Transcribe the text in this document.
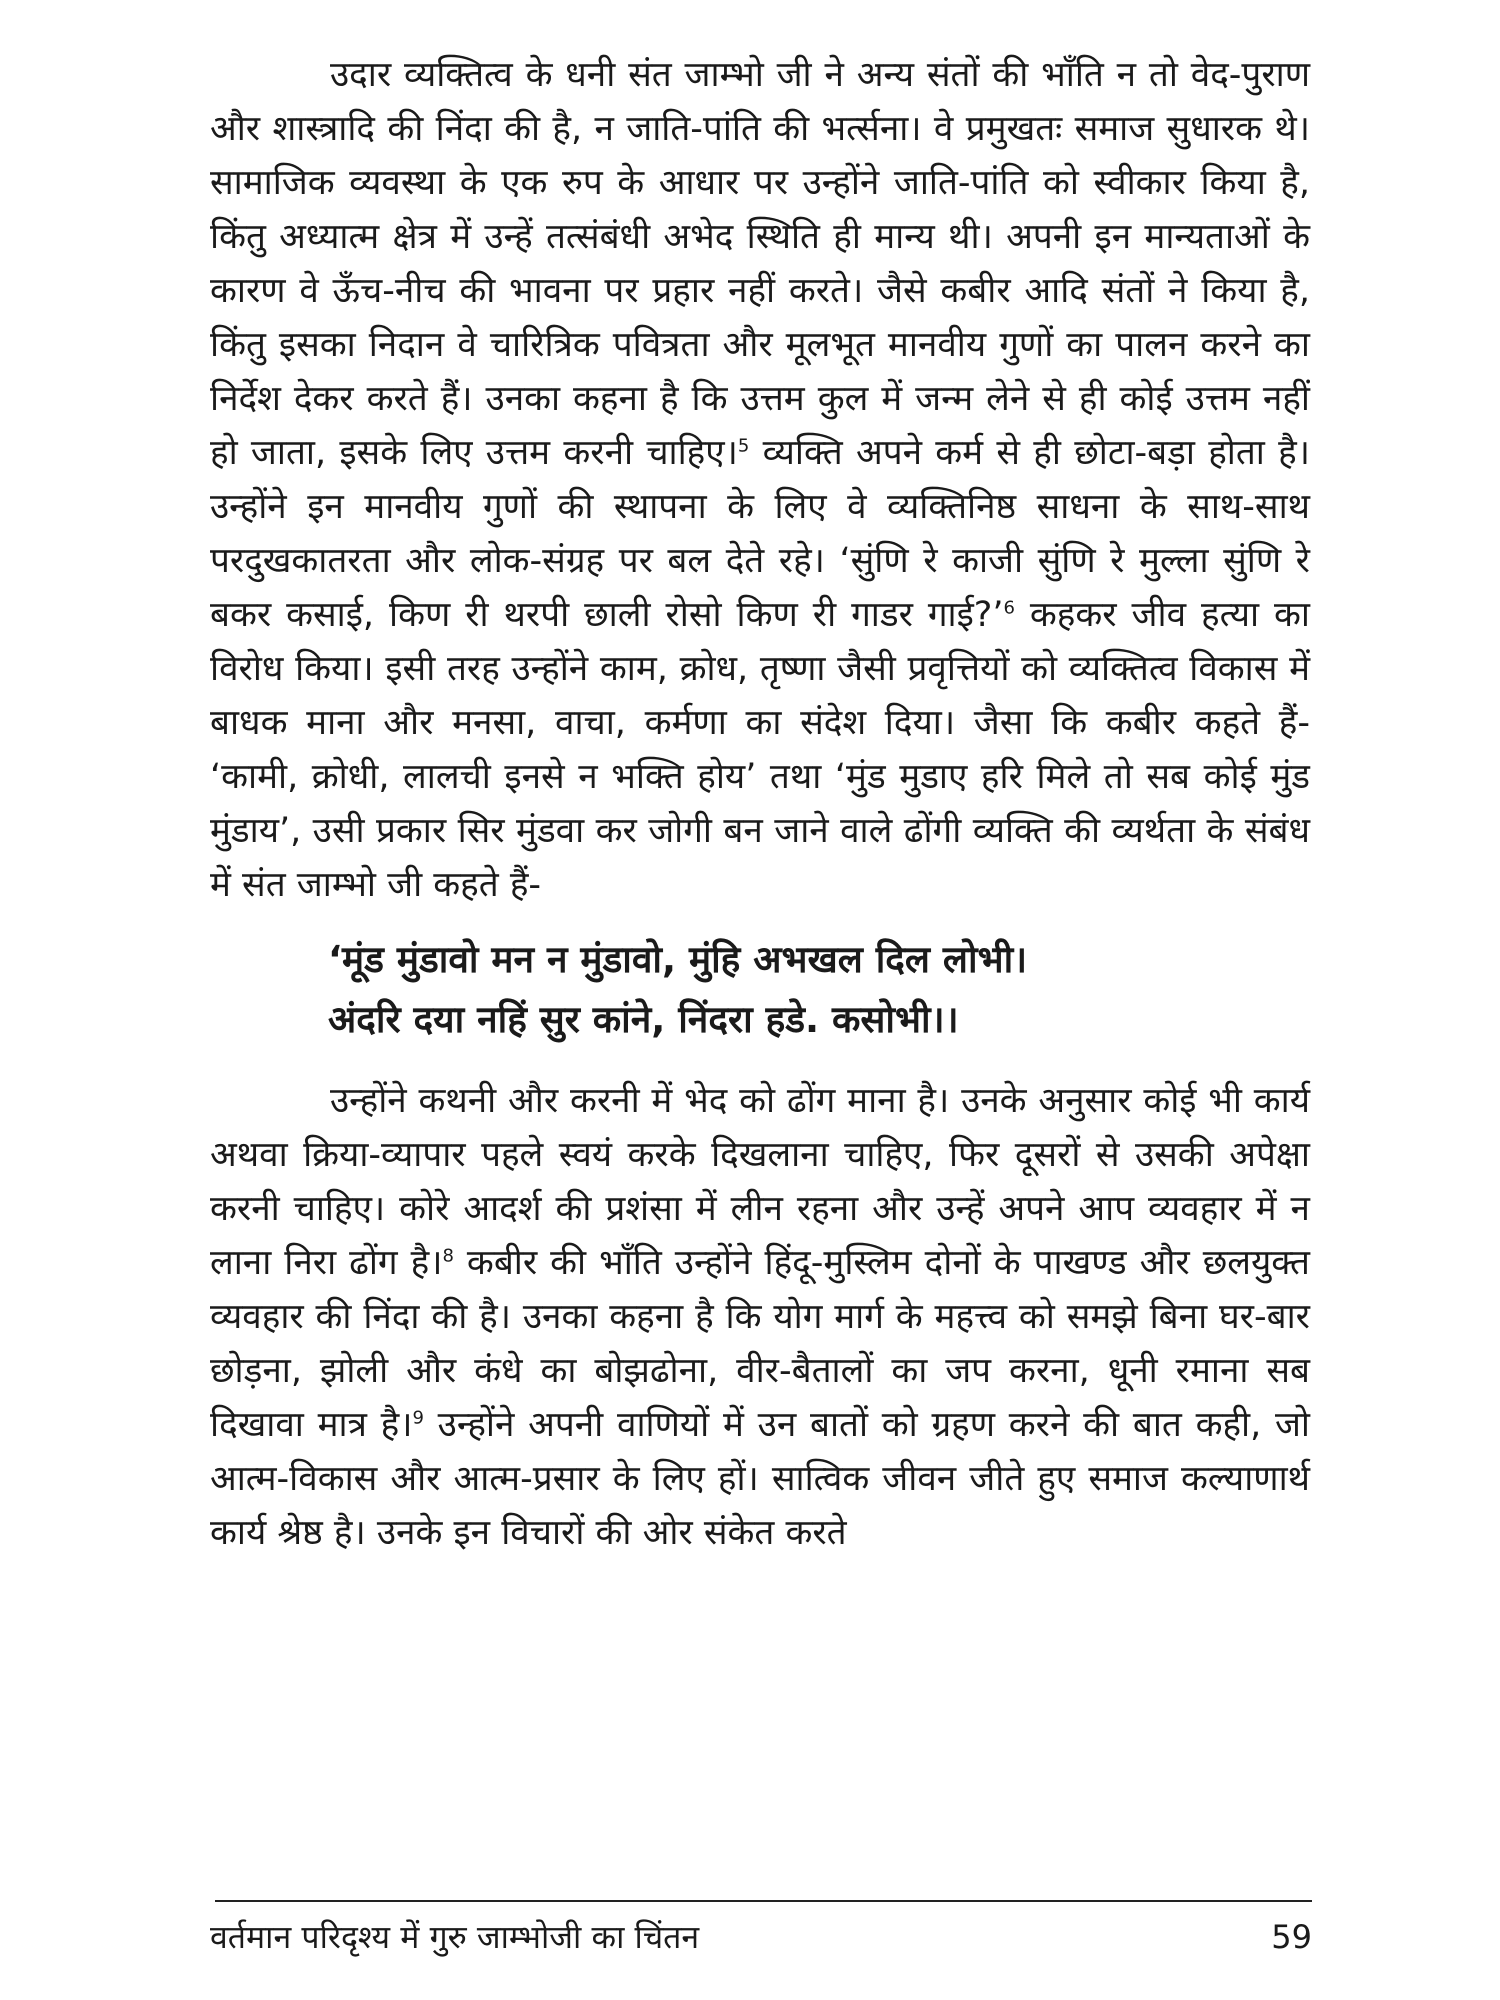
उदार व्यक्तित्व के धनी संत जाम्भो जी ने अन्य संतों की भाँति न तो वेद-पुराण और शास्त्रादि की निंदा की है, न जाति-पांति की भर्त्सना। वे प्रमुखतः समाज सुधारक थे। सामाजिक व्यवस्था के एक रुप के आधार पर उन्होंने जाति-पांति को स्वीकार किया है, किंतु अध्यात्म क्षेत्र में उन्हें तत्संबंधी अभेद स्थिति ही मान्य थी। अपनी इन मान्यताओं के कारण वे ऊँच-नीच की भावना पर प्रहार नहीं करते। जैसे कबीर आदि संतों ने किया है, किंतु इसका निदान वे चारित्रिक पवित्रता और मूलभूत मानवीय गुणों का पालन करने का निर्देश देकर करते हैं। उनका कहना है कि उत्तम कुल में जन्म लेने से ही कोई उत्तम नहीं हो जाता, इसके लिए उत्तम करनी चाहिए।$^5$ व्यक्ति अपने कर्म से ही छोटा-बड़ा होता है। उन्होंने इन मानवीय गुणों की स्थापना के लिए वे व्यक्तिनिष्ठ साधना के साथ-साथ परदुखकातरता और लोक-संग्रह पर बल देते रहे। ‘सुंणि रे काजी सुंणि रे मुल्ला सुंणि रे बकर कसाई, किण री थरपी छाली रोसो किण री गाडर गाई?’$^6$ कहकर जीव हत्या का विरोध किया। इसी तरह उन्होंने काम, क्रोध, तृष्णा जैसी प्रवृत्तियों को व्यक्तित्व विकास में बाधक माना और मनसा, वाचा, कर्मणा का संदेश दिया। जैसा कि कबीर कहते हैं- ‘कामी, क्रोधी, लालची इनसे न भक्ति होय’ तथा ‘मुंड मुडाए हरि मिले तो सब कोई मुंड मुंडाय’, उसी प्रकार सिर मुंडवा कर जोगी बन जाने वाले ढोंगी व्यक्ति की व्यर्थता के संबंध में संत जाम्भो जी कहते हैं-

‘मूंड मुंडावो मन न मुंडावो, मुंहि अभखल दिल लोभी।
अंदरि दया नहिं सुर कांने, निंदरा हडे. कसोभी।।

उन्होंने कथनी और करनी में भेद को ढोंग माना है। उनके अनुसार कोई भी कार्य अथवा क्रिया-व्यापार पहले स्वयं करके दिखलाना चाहिए, फिर दूसरों से उसकी अपेक्षा करनी चाहिए। कोरे आदर्श की प्रशंसा में लीन रहना और उन्हें अपने आप व्यवहार में न लाना निरा ढोंग है।$^8$ कबीर की भाँति उन्होंने हिंदू-मुस्लिम दोनों के पाखण्ड और छलयुक्त व्यवहार की निंदा की है। उनका कहना है कि योग मार्ग के महत्त्व को समझे बिना घर-बार छोड़ना, झोली और कंधे का बोझढोना, वीर-बैतालों का जप करना, धूनी रमाना सब दिखावा मात्र है।$^9$ उन्होंने अपनी वाणियों में उन बातों को ग्रहण करने की बात कही, जो आत्म-विकास और आत्म-प्रसार के लिए हों। सात्विक जीवन जीते हुए समाज कल्याणार्थ कार्य श्रेष्ठ है। उनके इन विचारों की ओर संकेत करते

वर्तमान परिदृश्य में गुरु जाम्भोजी का चिंतन	59
